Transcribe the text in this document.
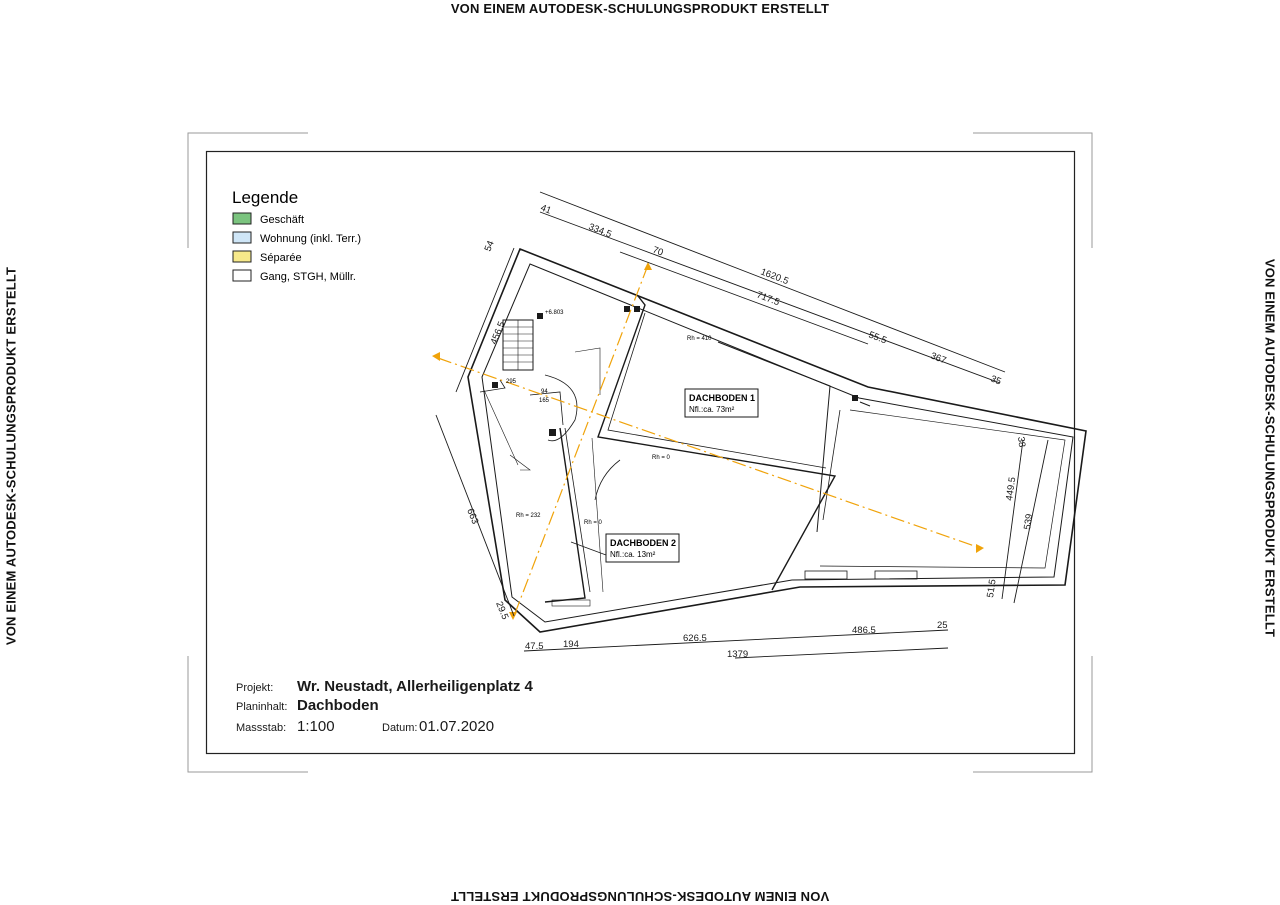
VON EINEM AUTODESK-SCHULUNGSPRODUKT ERSTELLT
VON EINEM AUTODESK-SCHULUNGSPRODUKT ERSTELLT
VON EINEM AUTODESK-SCHULUNGSPRODUKT ERSTELLT	VON EINEM AUTODESK-SCHULUNGSPRODUKT ERSTELLT
Legende
Geschäft
Wohnung (inkl. Terr.)
Séparée
Gang, STGH, Müllr.
DACHBODEN 1
Nfl.:ca. 73m²
DACHBODEN 2
Nfl.:ca. 13m²
Rh = 410
Rh = 0
Rh = 0
Rh = 232
+6.803
295
94
165
41
334.5
70
1620.5
717.5
55.5
367
35
54
456.5
663
29.5
38
449.5
539
51.5
47.5 194
626.5
486.5	25
1379
Projekt: Wr. Neustadt, Allerheiligenplatz 4
Planinhalt: Dachboden
Massstab: 1:100	Datum: 01.07.2020
